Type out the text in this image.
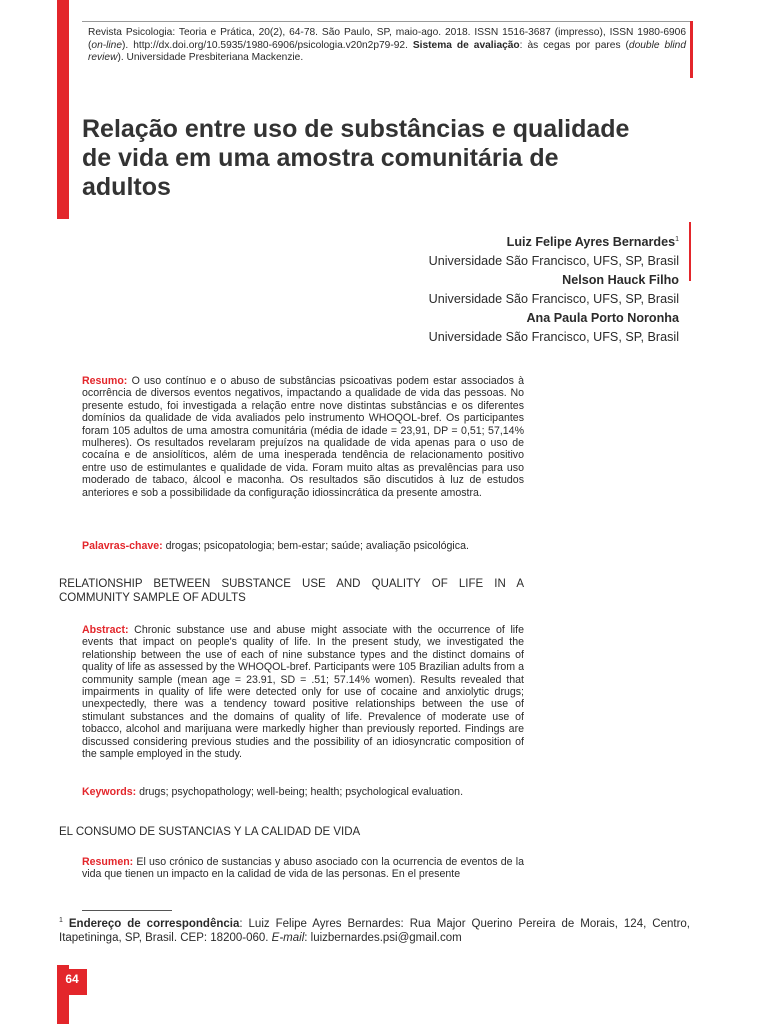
Revista Psicologia: Teoria e Prática, 20(2), 64-78. São Paulo, SP, maio-ago. 2018. ISSN 1516-3687 (impresso), ISSN 1980-6906 (on-line). http://dx.doi.org/10.5935/1980-6906/psicologia.v20n2p79-92. Sistema de avaliação: às cegas por pares (double blind review). Universidade Presbiteriana Mackenzie.

Relação entre uso de substâncias e qualidade de vida em uma amostra comunitária de adultos
Luiz Felipe Ayres Bernardes$^1$
Universidade São Francisco, UFS, SP, Brasil
Nelson Hauck Filho
Universidade São Francisco, UFS, SP, Brasil
Ana Paula Porto Noronha
Universidade São Francisco, UFS, SP, Brasil

Resumo: O uso contínuo e o abuso de substâncias psicoativas podem estar associados à ocorrência de diversos eventos negativos, impactando a qualidade de vida das pessoas. No presente estudo, foi investigada a relação entre nove distintas substâncias e os diferentes domínios da qualidade de vida avaliados pelo instrumento WHOQOL-bref. Os participantes foram 105 adultos de uma amostra comunitária (média de idade = 23,91, DP = 0,51; 57,14% mulheres). Os resultados revelaram prejuízos na qualidade de vida apenas para o uso de cocaína e de ansiolíticos, além de uma inesperada tendência de relacionamento positivo entre uso de estimulantes e qualidade de vida. Foram muito altas as prevalências para uso moderado de tabaco, álcool e maconha. Os resultados são discutidos à luz de estudos anteriores e sob a possibilidade da configuração idiossincrática da presente amostra.

Palavras-chave: drogas; psicopatologia; bem-estar; saúde; avaliação psicológica.

RELATIONSHIP BETWEEN SUBSTANCE USE AND QUALITY OF LIFE IN A COMMUNITY SAMPLE OF ADULTS

Abstract: Chronic substance use and abuse might associate with the occurrence of life events that impact on people's quality of life. In the present study, we investigated the relationship between the use of each of nine substance types and the distinct domains of quality of life as assessed by the WHOQOL-bref. Participants were 105 Brazilian adults from a community sample (mean age = 23.91, SD = .51; 57.14% women). Results revealed that impairments in quality of life were detected only for use of cocaine and anxiolytic drugs; unexpectedly, there was a tendency toward positive relationships between the use of stimulant substances and the domains of quality of life. Prevalence of moderate use of tobacco, alcohol and marijuana were markedly higher than previously reported. Findings are discussed considering previous studies and the possibility of an idiosyncratic composition of the sample employed in the study.

Keywords: drugs; psychopathology; well-being; health; psychological evaluation.

EL CONSUMO DE SUSTANCIAS Y LA CALIDAD DE VIDA

Resumen: El uso crónico de sustancias y abuso asociado con la ocurrencia de eventos de la vida que tienen un impacto en la calidad de vida de las personas. En el presente

$^1$ Endereço de correspondência: Luiz Felipe Ayres Bernardes: Rua Major Querino Pereira de Morais, 124, Centro, Itapetininga, SP, Brasil. CEP: 18200-060. E-mail: luizbernardes.psi@gmail.com

64
